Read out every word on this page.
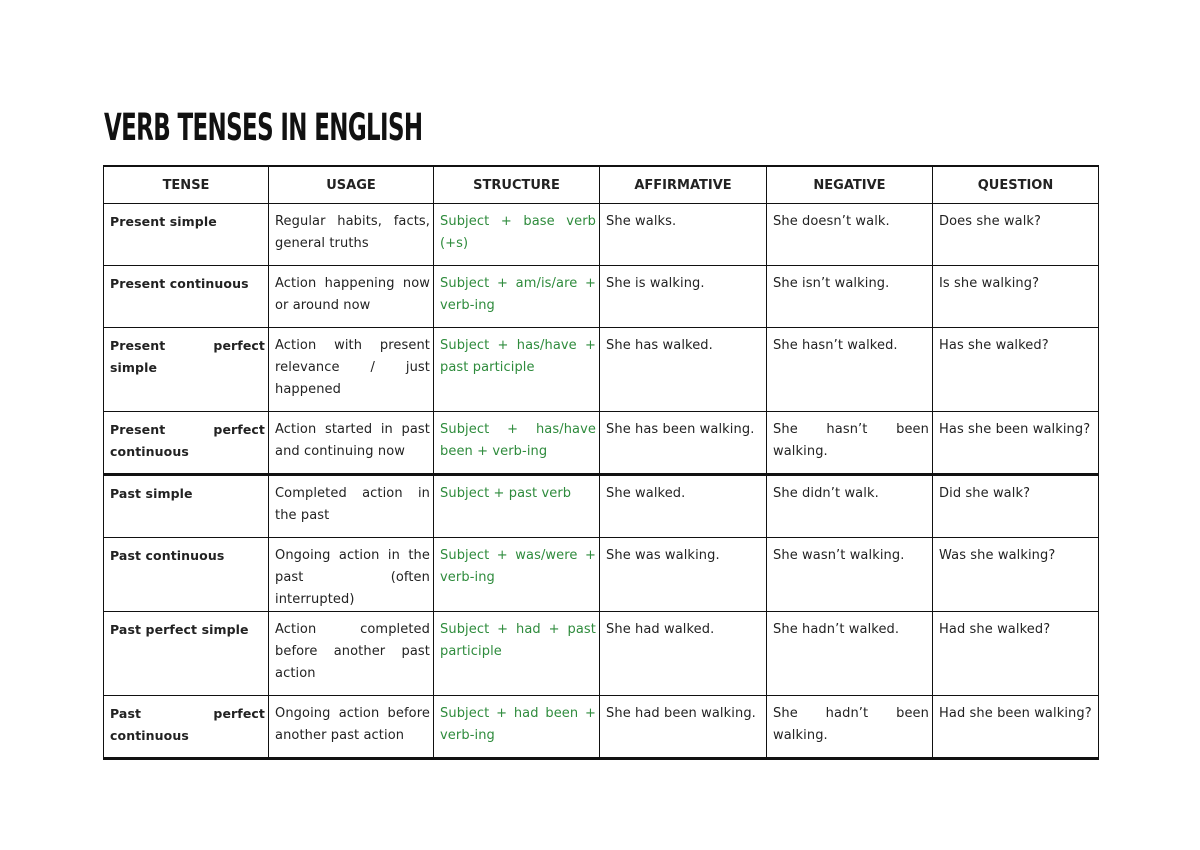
VERB TENSES IN ENGLISH
TENSE	USAGE	STRUCTURE	AFFIRMATIVE	NEGATIVE	QUESTION
Present simple	Regular habits, facts, general truths	Subject + base verb (+s)	She walks.	She doesn’t walk.	Does she walk?
Present continuous	Action happening now or around now	Subject + am/is/are + verb-ing	She is walking.	She isn’t walking.	Is she walking?
Present perfect simple	Action with present relevance / just happened	Subject + has/have + past participle	She has walked.	She hasn’t walked.	Has she walked?
Present perfect continuous	Action started in past and continuing now	Subject + has/have been + verb-ing	She has been walking.	She hasn’t been walking.	Has she been walking?
Past simple	Completed action in the past	Subject + past verb	She walked.	She didn’t walk.	Did she walk?
Past continuous	Ongoing action in the past (often interrupted)	Subject + was/were + verb-ing	She was walking.	She wasn’t walking.	Was she walking?
Past perfect simple	Action completed before another past action	Subject + had + past participle	She had walked.	She hadn’t walked.	Had she walked?
Past perfect continuous	Ongoing action before another past action	Subject + had been + verb-ing	She had been walking.	She hadn’t been walking.	Had she been walking?
